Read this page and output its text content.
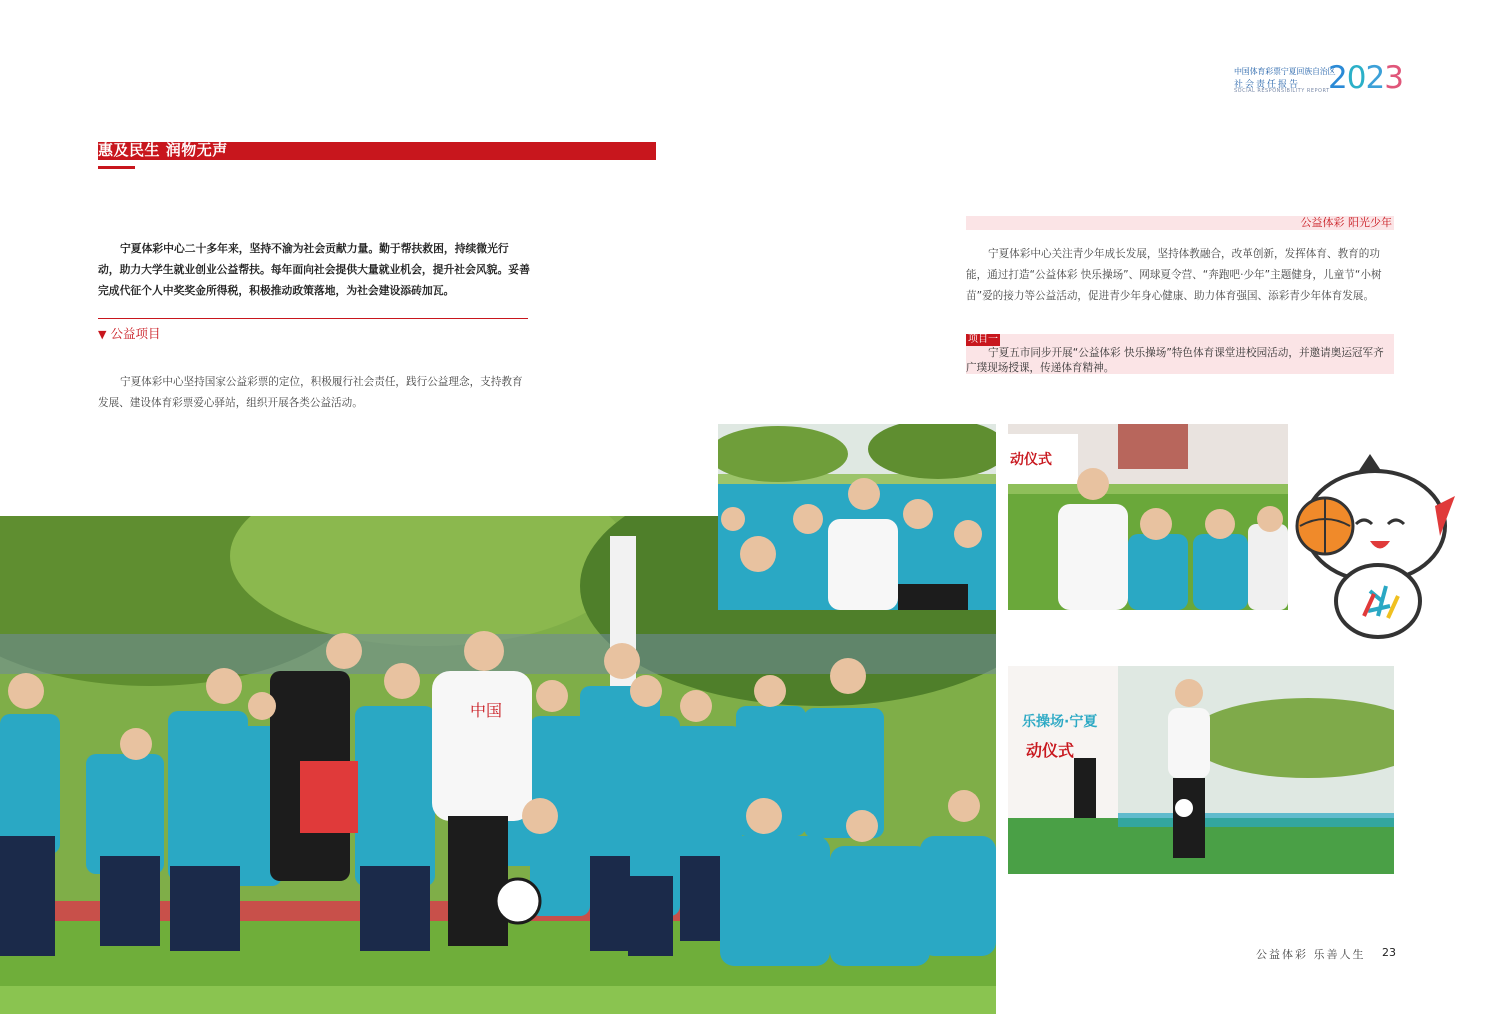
中国体育彩票宁夏回族自治区
社会责任报告
SOCIAL RESPONSIBILITY REPORT
2023
惠及民生 润物无声

宁夏体彩中心二十多年来，坚持不渝为社会贡献力量。勤于帮扶救困，持续微光行动，助力大学生就业创业公益帮扶。每年面向社会提供大量就业机会，提升社会风貌。妥善完成代征个人中奖奖金所得税，积极推动政策落地，为社会建设添砖加瓦。

▼ 公益项目

宁夏体彩中心坚持国家公益彩票的定位，积极履行社会责任，践行公益理念，支持教育发展、建设体育彩票爱心驿站，组织开展各类公益活动。

公益体彩 阳光少年

宁夏体彩中心关注青少年成长发展，坚持体教融合，改革创新，发挥体育、教育的功能，通过打造“公益体彩 快乐操场”、网球夏令营、“奔跑吧·少年”主题健身，儿童节“小树苗”爱的接力等公益活动，促进青少年身心健康、助力体育强国、添彩青少年体育发展。

项目一

宁夏五市同步开展“公益体彩 快乐操场”特色体育课堂进校园活动，并邀请奥运冠军齐广璞现场授课，传递体育精神。

中国
动仪式
乐操场·宁夏
动仪式
公益体彩 乐善人生 23
